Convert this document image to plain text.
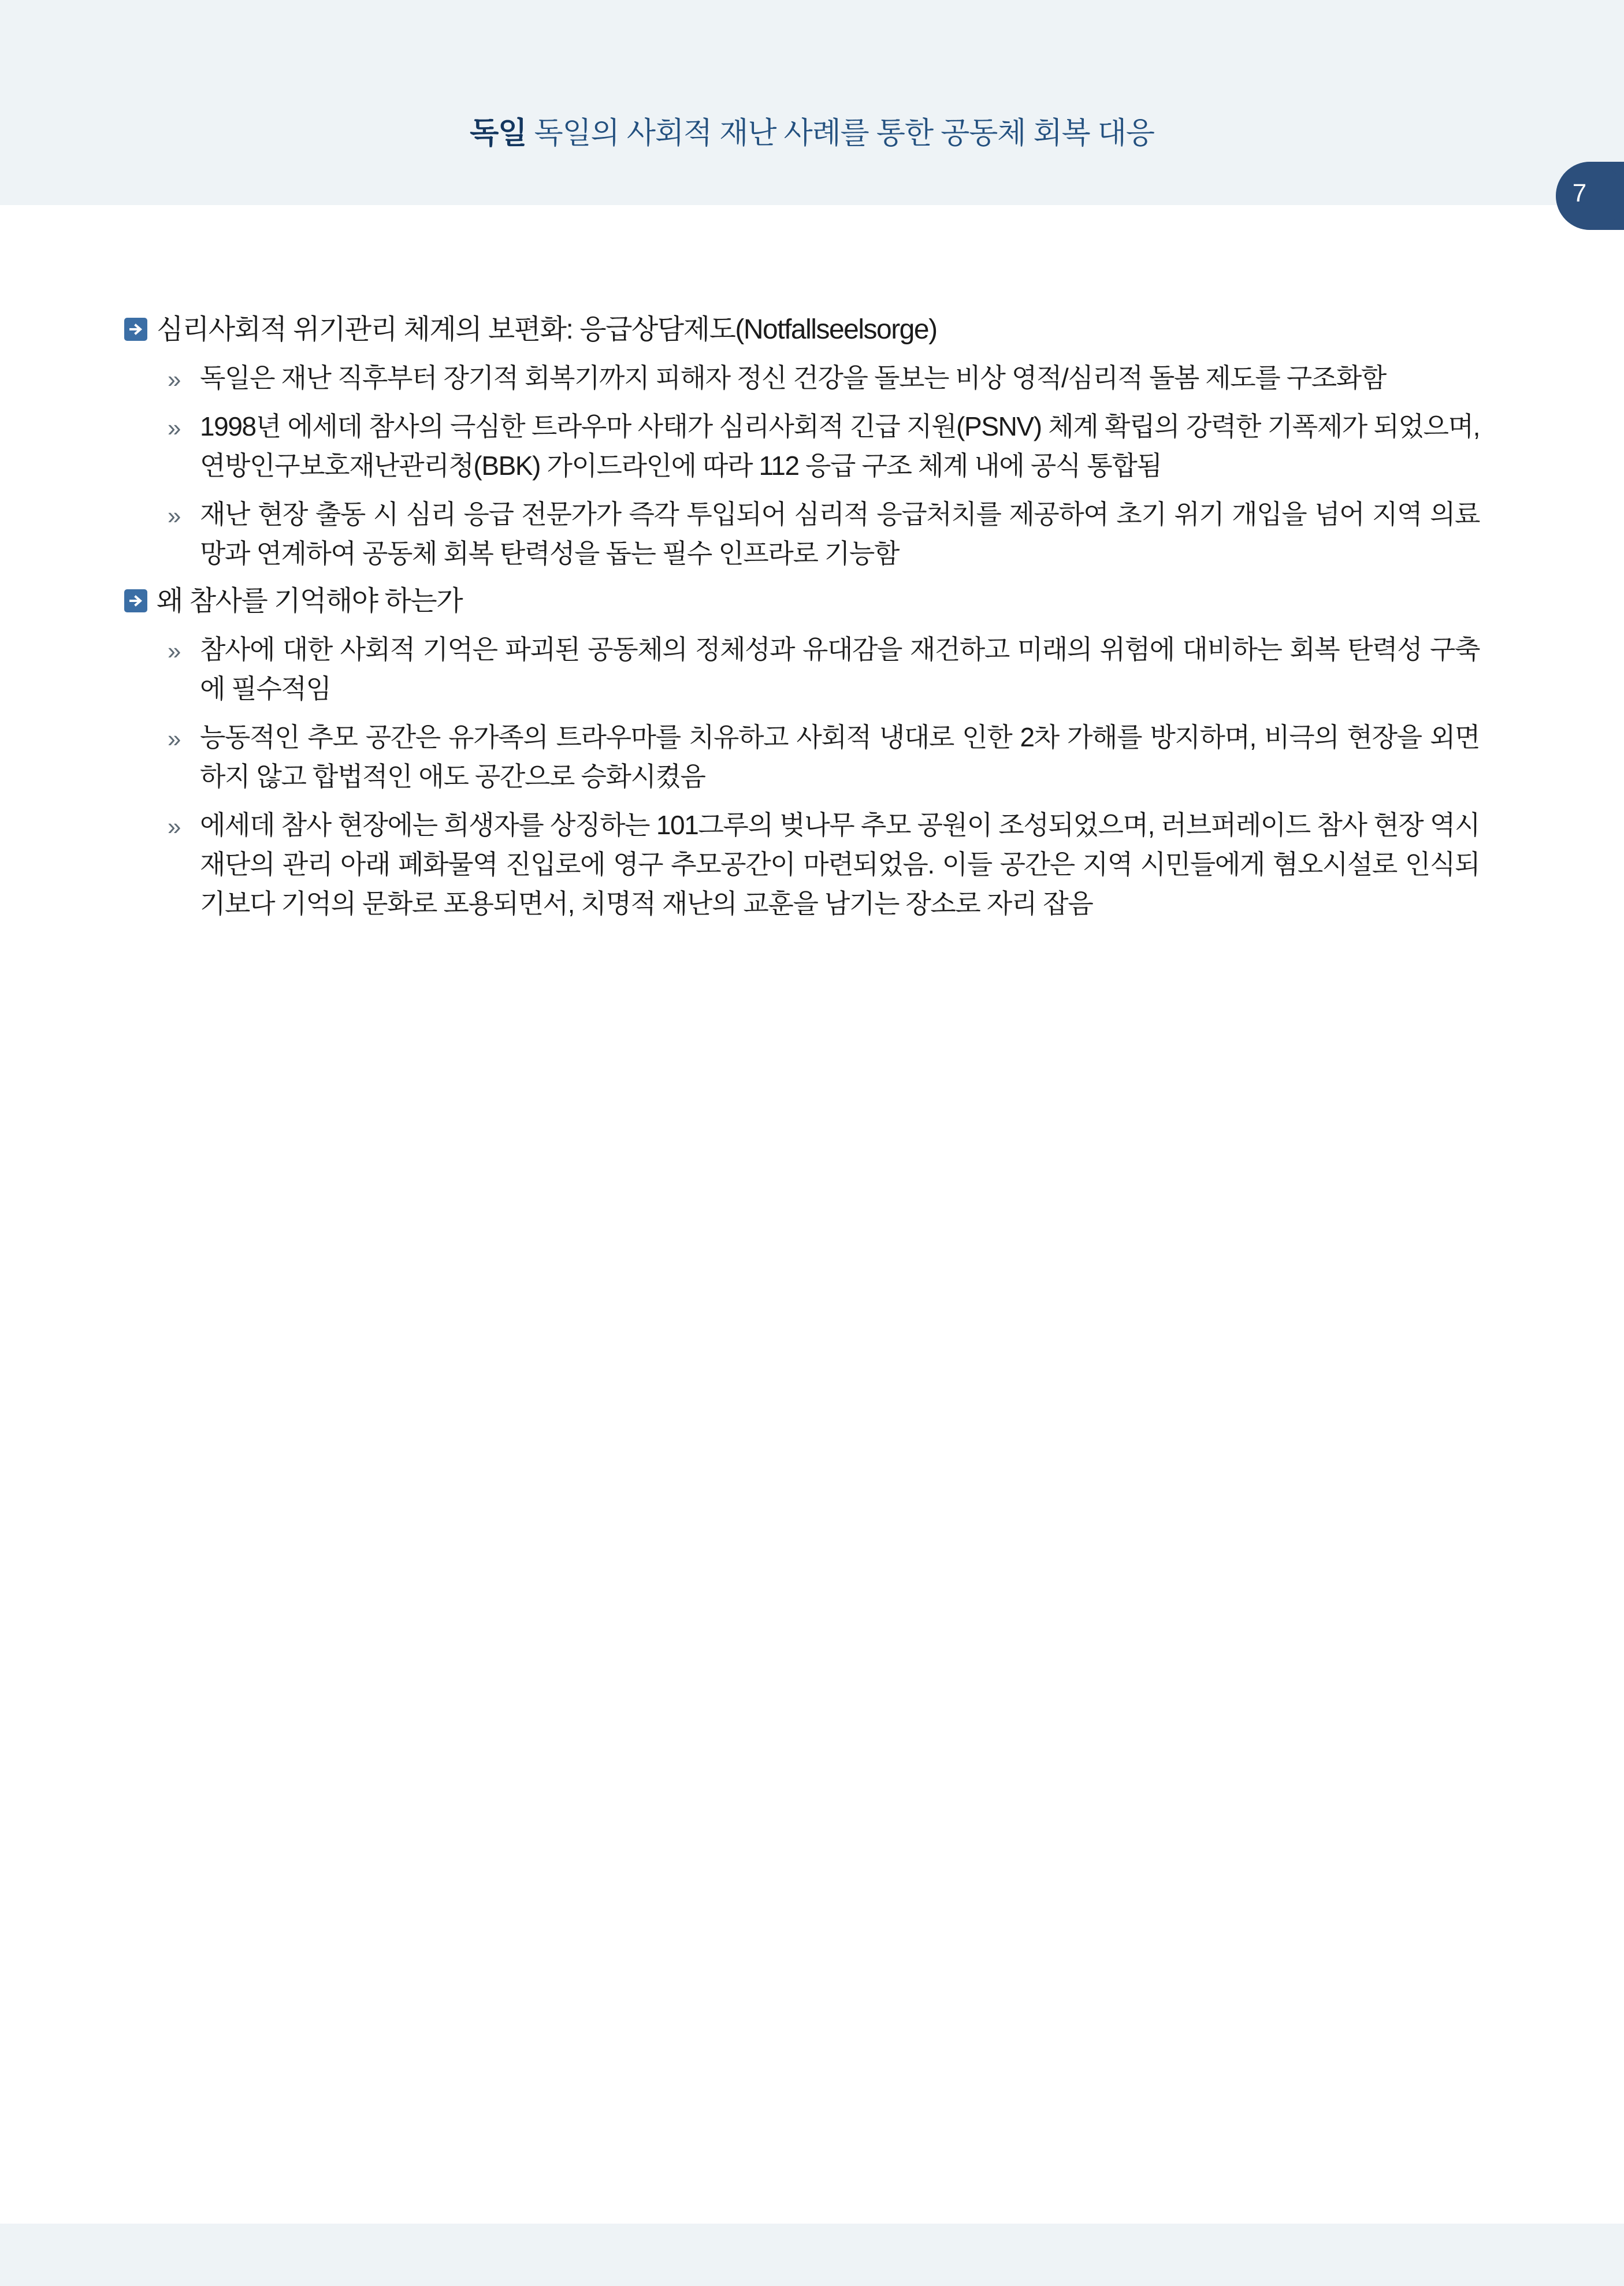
독일 독일의 사회적 재난 사례를 통한 공동체 회복 대응
7
심리사회적 위기관리 체계의 보편화: 응급상담제도(Notfallseelsorge)
» 독일은 재난 직후부터 장기적 회복기까지 피해자 정신 건강을 돌보는 비상 영적/심리적 돌봄 제도를 구조화함
» 1998년 에세데 참사의 극심한 트라우마 사태가 심리사회적 긴급 지원(PSNV) 체계 확립의 강력한 기폭제가 되었으며, 연방인구보호재난관리청(BBK) 가이드라인에 따라 112 응급 구조 체계 내에 공식 통합됨
» 재난 현장 출동 시 심리 응급 전문가가 즉각 투입되어 심리적 응급처치를 제공하여 초기 위기 개입을 넘어 지역 의료망과 연계하여 공동체 회복 탄력성을 돕는 필수 인프라로 기능함
왜 참사를 기억해야 하는가
» 참사에 대한 사회적 기억은 파괴된 공동체의 정체성과 유대감을 재건하고 미래의 위험에 대비하는 회복 탄력성 구축에 필수적임
» 능동적인 추모 공간은 유가족의 트라우마를 치유하고 사회적 냉대로 인한 2차 가해를 방지하며, 비극의 현장을 외면하지 않고 합법적인 애도 공간으로 승화시켰음
» 에세데 참사 현장에는 희생자를 상징하는 101그루의 벚나무 추모 공원이 조성되었으며, 러브퍼레이드 참사 현장 역시 재단의 관리 아래 폐화물역 진입로에 영구 추모공간이 마련되었음. 이들 공간은 지역 시민들에게 혐오시설로 인식되기보다 기억의 문화로 포용되면서, 치명적 재난의 교훈을 남기는 장소로 자리 잡음
